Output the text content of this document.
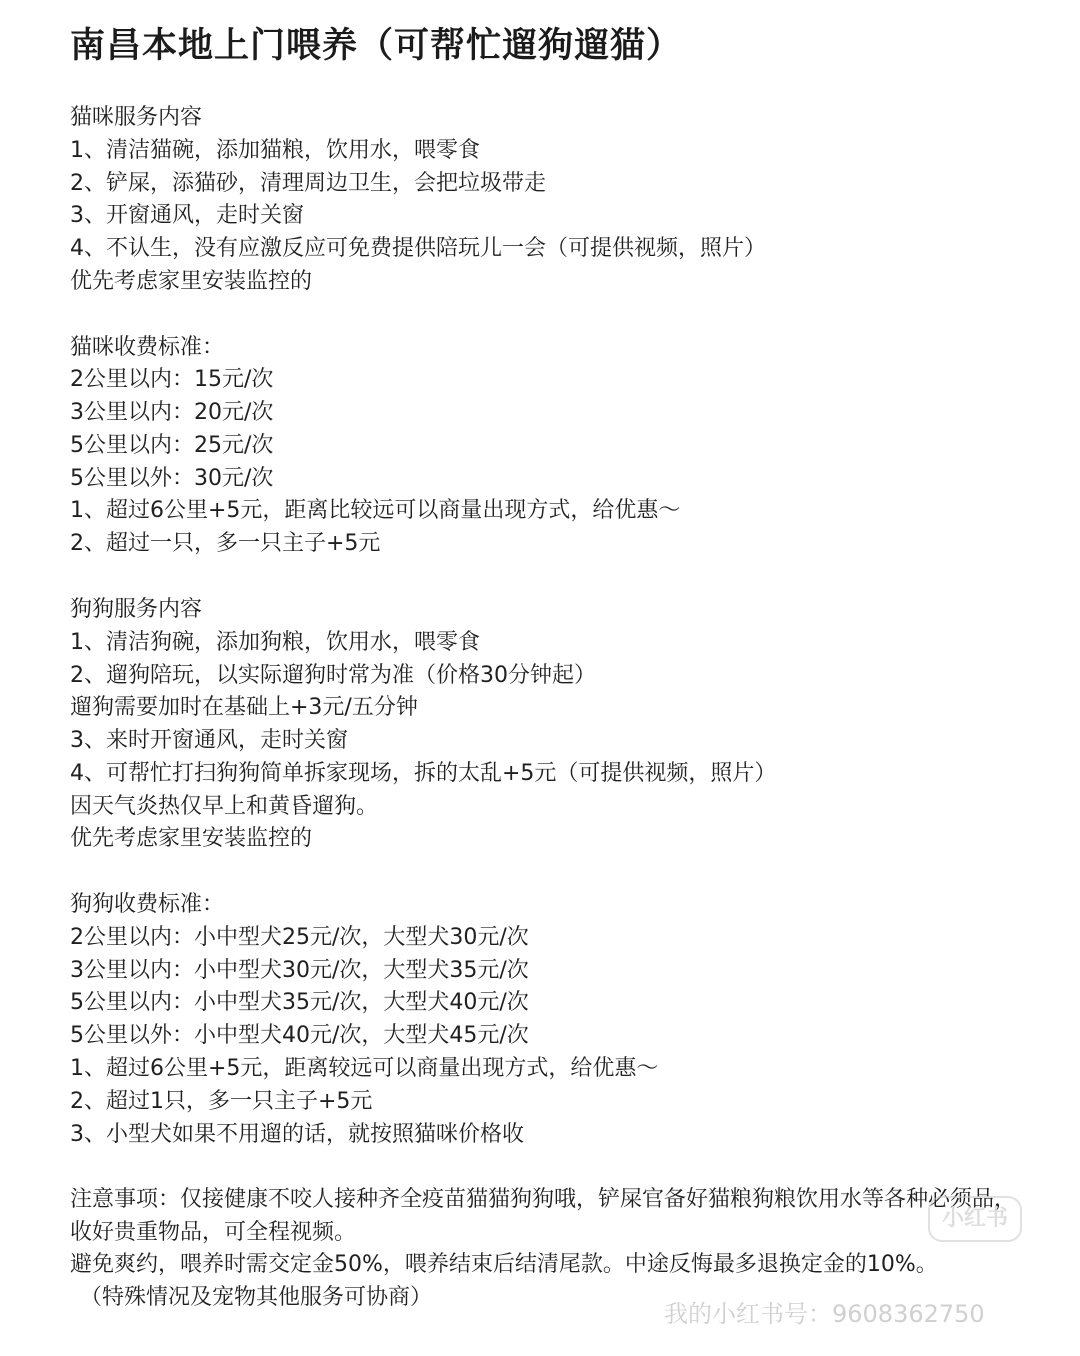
南昌本地上门喂养（可帮忙遛狗遛猫）
猫咪服务内容
1、清洁猫碗，添加猫粮，饮用水，喂零食
2、铲屎，添猫砂，清理周边卫生，会把垃圾带走
3、开窗通风，走时关窗
4、不认生，没有应激反应可免费提供陪玩儿一会（可提供视频，照片）
优先考虑家里安装监控的
猫咪收费标准：
2公里以内：15元/次
3公里以内：20元/次
5公里以内：25元/次
5公里以外：30元/次
1、超过6公里+5元，距离比较远可以商量出现方式，给优惠～
2、超过一只，多一只主子+5元
狗狗服务内容
1、清洁狗碗，添加狗粮，饮用水，喂零食
2、遛狗陪玩，以实际遛狗时常为准（价格30分钟起）
遛狗需要加时在基础上+3元/五分钟
3、来时开窗通风，走时关窗
4、可帮忙打扫狗狗简单拆家现场，拆的太乱+5元（可提供视频，照片）
因天气炎热仅早上和黄昏遛狗。
优先考虑家里安装监控的
狗狗收费标准：
2公里以内：小中型犬25元/次，大型犬30元/次
3公里以内：小中型犬30元/次，大型犬35元/次
5公里以内：小中型犬35元/次，大型犬40元/次
5公里以外：小中型犬40元/次，大型犬45元/次
1、超过6公里+5元，距离较远可以商量出现方式，给优惠～
2、超过1只，多一只主子+5元
3、小型犬如果不用遛的话，就按照猫咪价格收
注意事项：仅接健康不咬人接种齐全疫苗猫猫狗狗哦，铲屎官备好猫粮狗粮饮用水等各种必须品，收好贵重物品，可全程视频。
避免爽约，喂养时需交定金50%，喂养结束后结清尾款。中途反悔最多退换定金的10%。
（特殊情况及宠物其他服务可协商）
小红书
我的小红书号：9608362750
